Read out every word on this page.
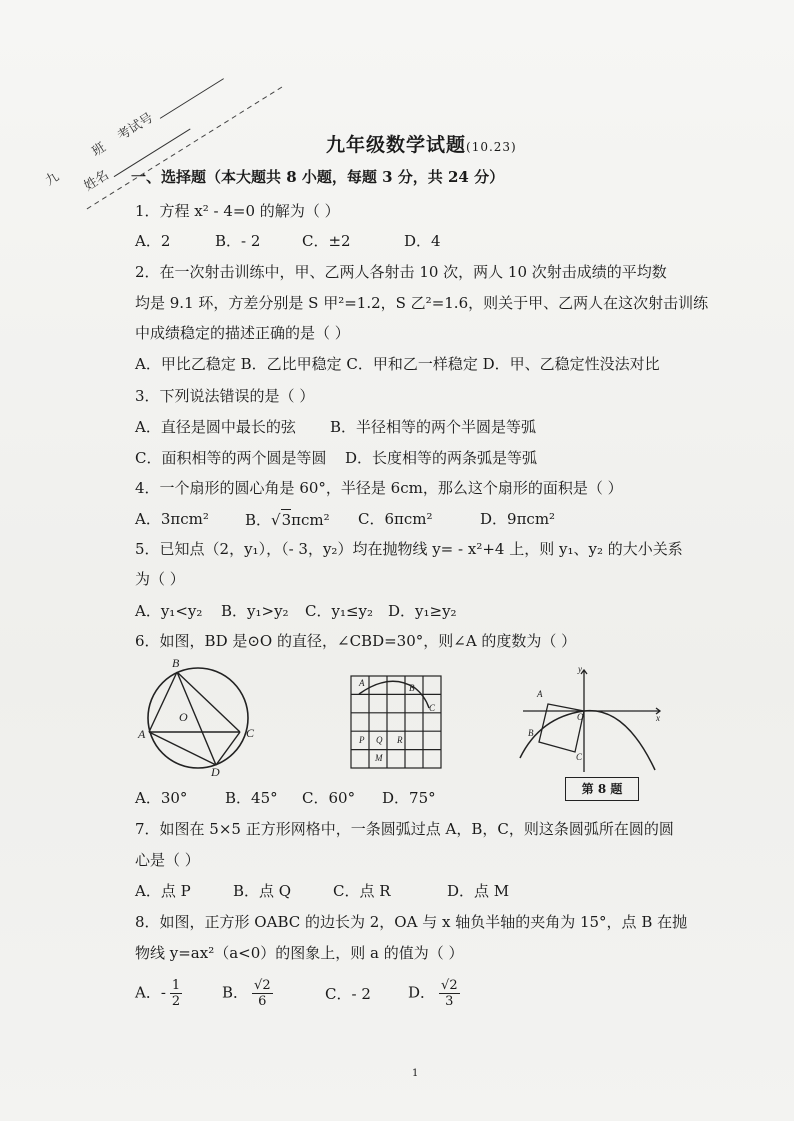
九
班
考试号
姓名
九年级数学试题(10.23)
一、选择题（本大题共 8 小题，每题 3 分，共 24 分）
1．方程 x² - 4=0 的解为（ ）
A．2	B．- 2	C．±2	D．4
2．在一次射击训练中，甲、乙两人各射击 10 次，两人 10 次射击成绩的平均数
均是 9.1 环，方差分别是 S 甲²=1.2，S 乙²=1.6，则关于甲、乙两人在这次射击训练
中成绩稳定的描述正确的是（ ）
A．甲比乙稳定 B．乙比甲稳定 C．甲和乙一样稳定 D．甲、乙稳定性没法对比
3．下列说法错误的是（ ）
A．直径是圆中最长的弦 B．半径相等的两个半圆是等弧
C．面积相等的两个圆是等圆 D．长度相等的两条弧是等弧
4．一个扇形的圆心角是 60°，半径是 6cm，那么这个扇形的面积是（ ）
A．3πcm² B．√3πcm² C．6πcm²	D．9πcm²
5．已知点（2，y₁），（- 3，y₂）均在抛物线 y= - x²+4 上，则 y₁、y₂ 的大小关系
为（ ）
A．y₁<y₂ B．y₁>y₂ C．y₁≤y₂ D．y₁≥y₂
6．如图，BD 是⊙O 的直径，∠CBD=30°，则∠A 的度数为（ ）
B
O
A	C
D
B
A
C
P Q R
M
y
A
O	x
B
C
第 8 题
A．30°	B．45° C．60° D．75°
7．如图在 5×5 正方形网格中，一条圆弧过点 A，B，C，则这条圆弧所在圆的圆
心是（ ）
A．点 P	B．点 Q	C．点 R	D．点 M
8．如图，正方形 OABC 的边长为 2，OA 与 x 轴负半轴的夹角为 15°，点 B 在抛
物线 y=ax²（a<0）的图象上，则 a 的值为（ ）
A．- $\frac{1}{2}$	B． $\frac{√2}{6}$	C．- 2 D． $\frac{√2}{3}$
1
